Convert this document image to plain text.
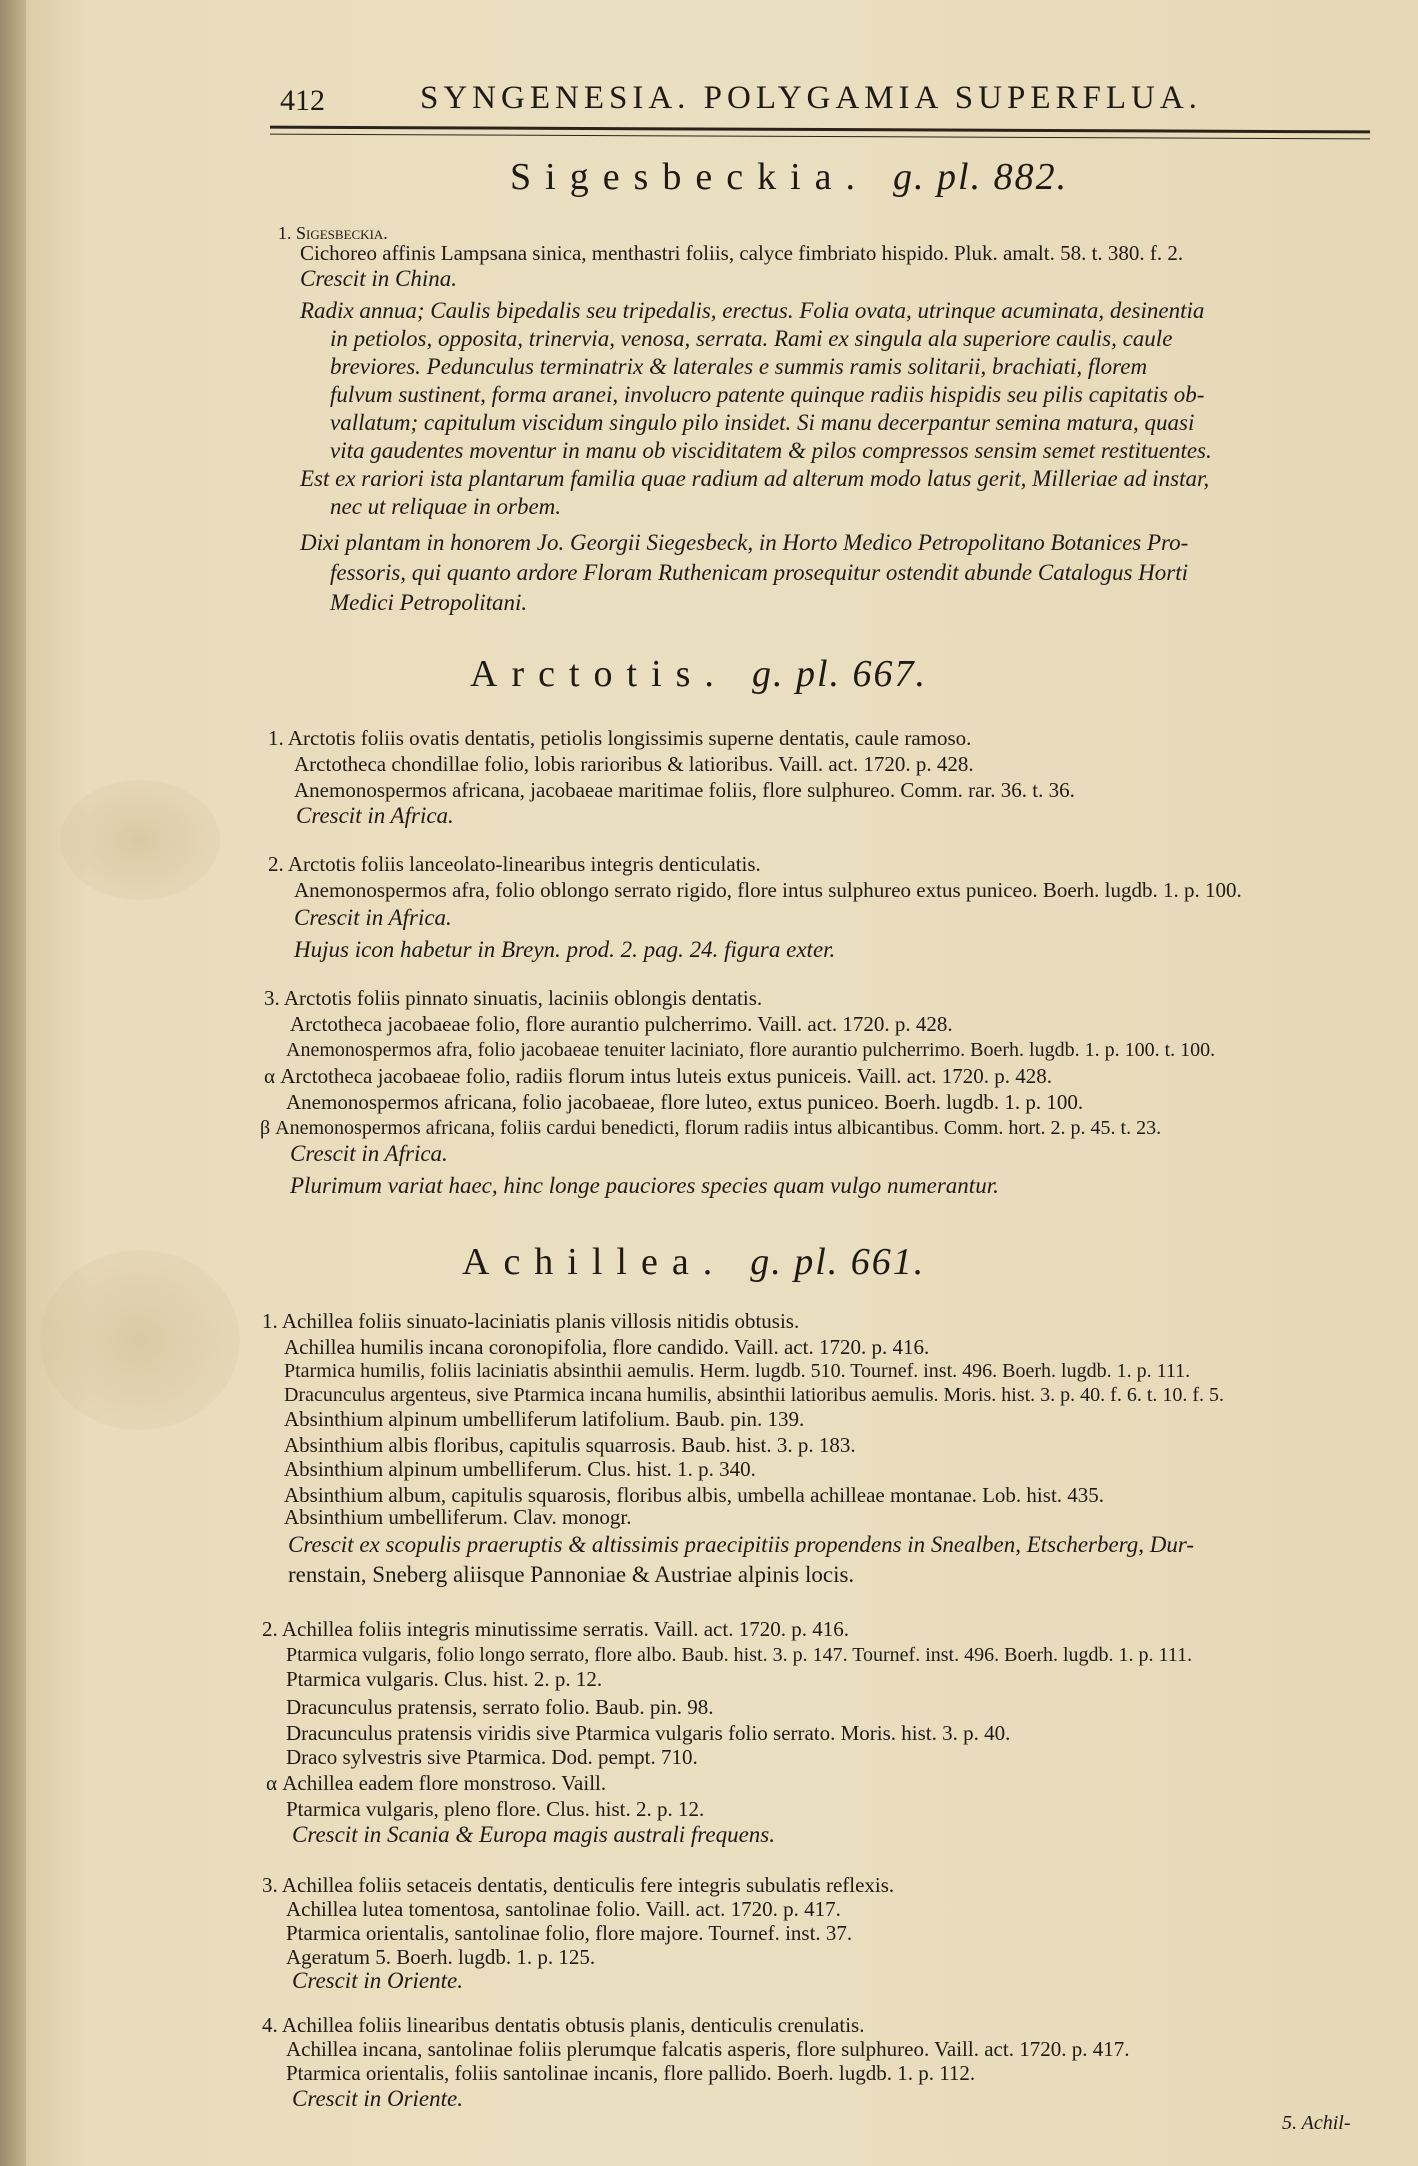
412	SYNGENESIA. POLYGAMIA SUPERFLUA.
Sigesbeckia. g. pl. 882.
1. Sigesbeckia.
Cichoreo affinis Lampsana sinica, menthastri foliis, calyce fimbriato hispido. Pluk. amalt. 58. t. 380. f. 2.
Crescit in China.
Radix annua; Caulis bipedalis seu tripedalis, erectus. Folia ovata, utrinque acuminata, desinentia
in petiolos, opposita, trinervia, venosa, serrata. Rami ex singula ala superiore caulis, caule
breviores. Pedunculus terminatrix & laterales e summis ramis solitarii, brachiati, florem
fulvum sustinent, forma aranei, involucro patente quinque radiis hispidis seu pilis capitatis ob-
vallatum; capitulum viscidum singulo pilo insidet. Si manu decerpantur semina matura, quasi
vita gaudentes moventur in manu ob visciditatem & pilos compressos sensim semet restituentes.
Est ex rariori ista plantarum familia quae radium ad alterum modo latus gerit, Milleriae ad instar,
nec ut reliquae in orbem.
Dixi plantam in honorem Jo. Georgii Siegesbeck, in Horto Medico Petropolitano Botanices Pro-
fessoris, qui quanto ardore Floram Ruthenicam prosequitur ostendit abunde Catalogus Horti
Medici Petropolitani.
Arctotis. g. pl. 667.
1. Arctotis foliis ovatis dentatis, petiolis longissimis superne dentatis, caule ramoso.
Arctotheca chondillae folio, lobis rarioribus & latioribus. Vaill. act. 1720. p. 428.
Anemonospermos africana, jacobaeae maritimae foliis, flore sulphureo. Comm. rar. 36. t. 36.
Crescit in Africa.
2. Arctotis foliis lanceolato-linearibus integris denticulatis.
Anemonospermos afra, folio oblongo serrato rigido, flore intus sulphureo extus puniceo. Boerh. lugdb. 1. p. 100.
Crescit in Africa.
Hujus icon habetur in Breyn. prod. 2. pag. 24. figura exter.
3. Arctotis foliis pinnato sinuatis, laciniis oblongis dentatis.
Arctotheca jacobaeae folio, flore aurantio pulcherrimo. Vaill. act. 1720. p. 428.
Anemonospermos afra, folio jacobaeae tenuiter laciniato, flore aurantio pulcherrimo. Boerh. lugdb. 1. p. 100. t. 100.
α Arctotheca jacobaeae folio, radiis florum intus luteis extus puniceis. Vaill. act. 1720. p. 428.
Anemonospermos africana, folio jacobaeae, flore luteo, extus puniceo. Boerh. lugdb. 1. p. 100.
β Anemonospermos africana, foliis cardui benedicti, florum radiis intus albicantibus. Comm. hort. 2. p. 45. t. 23.
Crescit in Africa.
Plurimum variat haec, hinc longe pauciores species quam vulgo numerantur.
Achillea. g. pl. 661.
1. Achillea foliis sinuato-laciniatis planis villosis nitidis obtusis.
Achillea humilis incana coronopifolia, flore candido. Vaill. act. 1720. p. 416.
Ptarmica humilis, foliis laciniatis absinthii aemulis. Herm. lugdb. 510. Tournef. inst. 496. Boerh. lugdb. 1. p. 111.
Dracunculus argenteus, sive Ptarmica incana humilis, absinthii latioribus aemulis. Moris. hist. 3. p. 40. f. 6. t. 10. f. 5.
Absinthium alpinum umbelliferum latifolium. Baub. pin. 139.
Absinthium albis floribus, capitulis squarrosis. Baub. hist. 3. p. 183.
Absinthium alpinum umbelliferum. Clus. hist. 1. p. 340.
Absinthium album, capitulis squarosis, floribus albis, umbella achilleae montanae. Lob. hist. 435.
Absinthium umbelliferum. Clav. monogr.
Crescit ex scopulis praeruptis & altissimis praecipitiis propendens in Snealben, Etscherberg, Dur-
renstain, Sneberg aliisque Pannoniae & Austriae alpinis locis.
2. Achillea foliis integris minutissime serratis. Vaill. act. 1720. p. 416.
Ptarmica vulgaris, folio longo serrato, flore albo. Baub. hist. 3. p. 147. Tournef. inst. 496. Boerh. lugdb. 1. p. 111.
Ptarmica vulgaris. Clus. hist. 2. p. 12.
Dracunculus pratensis, serrato folio. Baub. pin. 98.
Dracunculus pratensis viridis sive Ptarmica vulgaris folio serrato. Moris. hist. 3. p. 40.
Draco sylvestris sive Ptarmica. Dod. pempt. 710.
α Achillea eadem flore monstroso. Vaill.
Ptarmica vulgaris, pleno flore. Clus. hist. 2. p. 12.
Crescit in Scania & Europa magis australi frequens.
3. Achillea foliis setaceis dentatis, denticulis fere integris subulatis reflexis.
Achillea lutea tomentosa, santolinae folio. Vaill. act. 1720. p. 417.
Ptarmica orientalis, santolinae folio, flore majore. Tournef. inst. 37.
Ageratum 5. Boerh. lugdb. 1. p. 125.
Crescit in Oriente.
4. Achillea foliis linearibus dentatis obtusis planis, denticulis crenulatis.
Achillea incana, santolinae foliis plerumque falcatis asperis, flore sulphureo. Vaill. act. 1720. p. 417.
Ptarmica orientalis, foliis santolinae incanis, flore pallido. Boerh. lugdb. 1. p. 112.
Crescit in Oriente.
5. Achil-
